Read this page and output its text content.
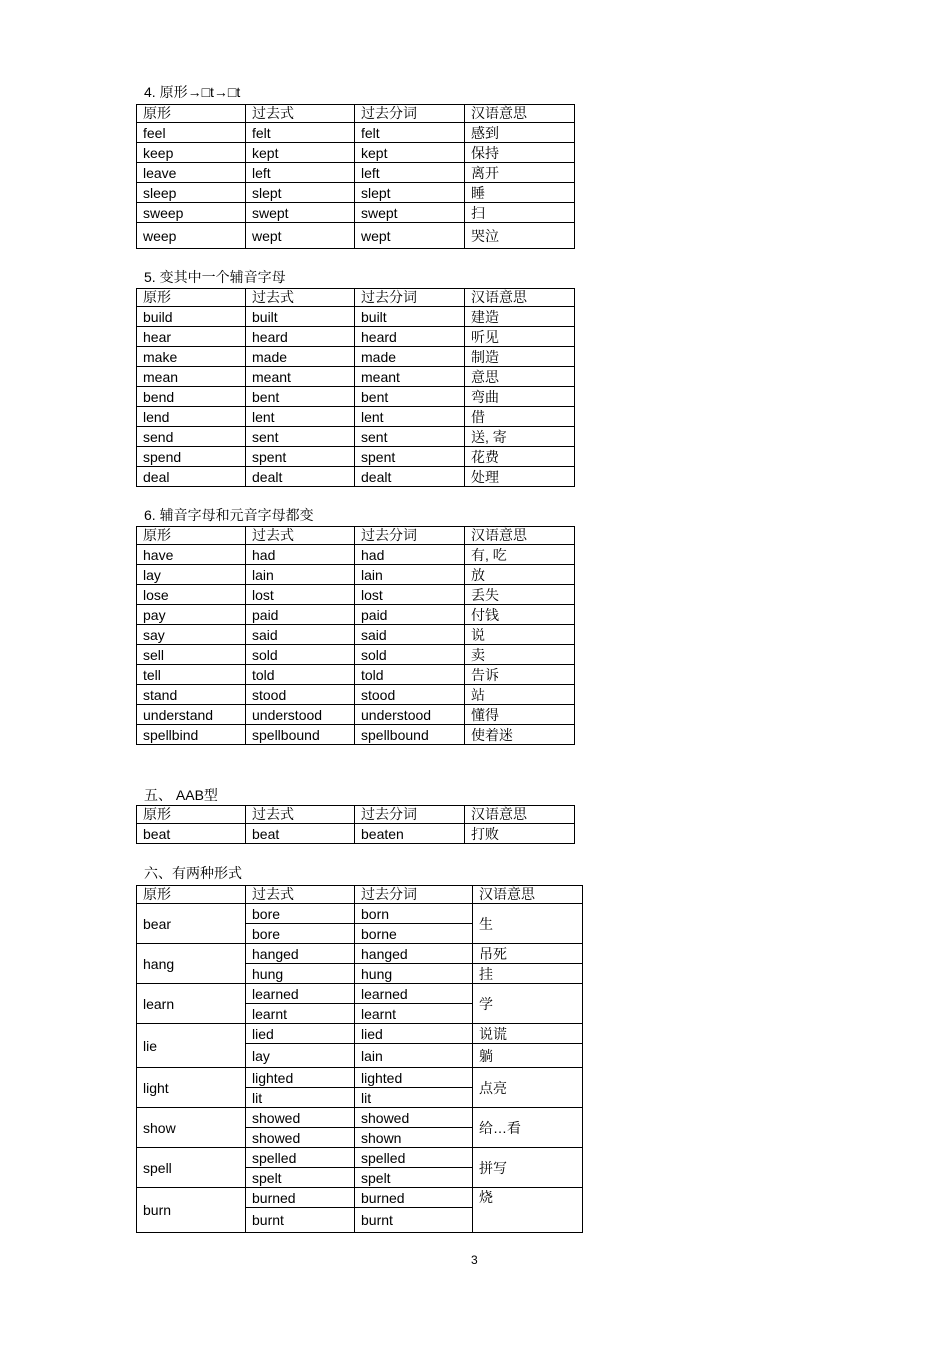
4. 原形→□t→□t
原形	过去式	过去分词	汉语意思
feel	felt	felt	感到
keep	kept	kept	保持
leave	left	left	离开
sleep	slept	slept	睡
sweep	swept	swept	扫
weep	wept	wept	哭泣
5. 变其中一个辅音字母
原形	过去式	过去分词	汉语意思
build	built	built	建造
hear	heard	heard	听见
make	made	made	制造
mean	meant	meant	意思
bend	bent	bent	弯曲
lend	lent	lent	借
send	sent	sent	送, 寄
spend	spent	spent	花费
deal	dealt	dealt	处理
6. 辅音字母和元音字母都变
原形	过去式	过去分词	汉语意思
have	had	had	有, 吃
lay	lain	lain	放
lose	lost	lost	丢失
pay	paid	paid	付钱
say	said	said	说
sell	sold	sold	卖
tell	told	told	告诉
stand	stood	stood	站
understand	understood	understood	懂得
spellbind	spellbound	spellbound	使着迷
五、 AAB型
原形	过去式	过去分词	汉语意思
beat	beat	beaten	打败
六、有两种形式
原形	过去式	过去分词	汉语意思
bear	bore	born	生
	bore	borne	
hang	hanged	hanged	吊死
	hung	hung	挂
learn	learned	learned	学
	learnt	learnt	
lie	lied	lied	说谎
	lay	lain	躺
light	lighted	lighted	点亮
	lit	lit	
show	showed	showed	给…看
	showed	shown	
spell	spelled	spelled	拼写
	spelt	spelt	
burn	burned	burned	烧
	burnt	burnt	
3
